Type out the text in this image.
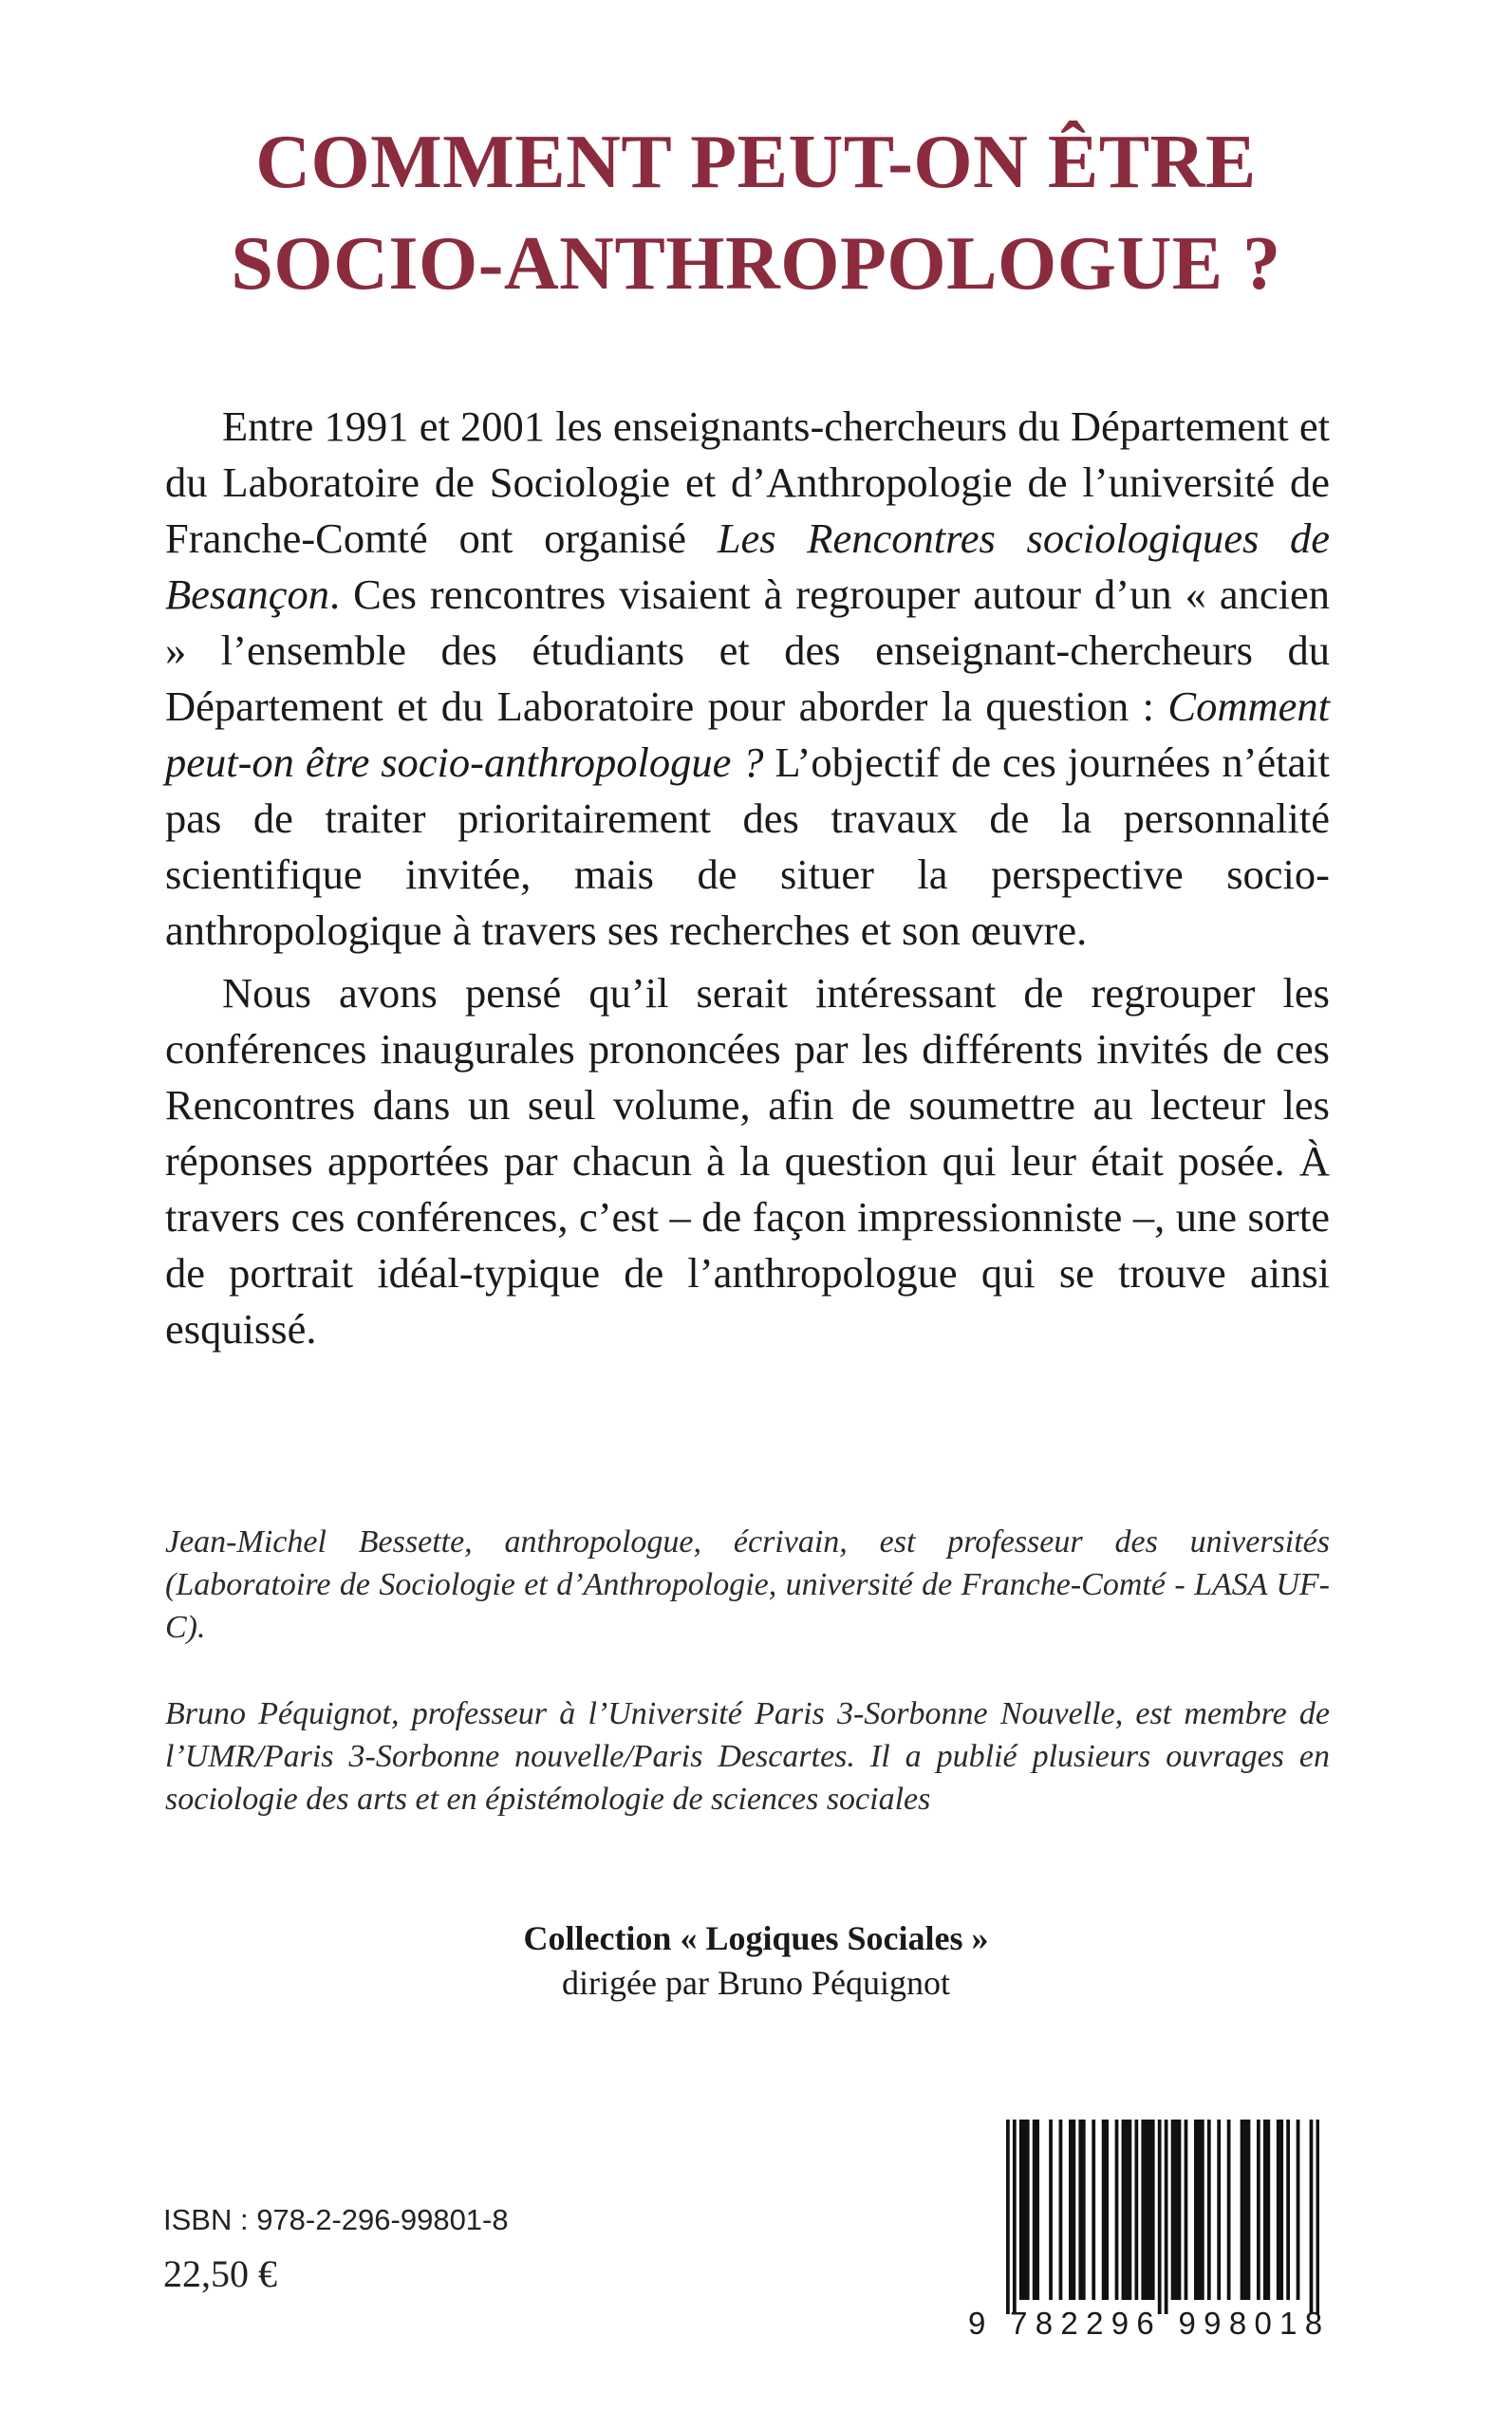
COMMENT PEUT-ON ÊTRE
SOCIO-ANTHROPOLOGUE ?

Entre 1991 et 2001 les enseignants-chercheurs du Département et du Laboratoire de Sociologie et d’Anthropologie de l’université de Franche-Comté ont organisé Les Rencontres sociologiques de Besançon. Ces rencontres visaient à regrouper autour d’un « ancien » l’ensemble des étudiants et des enseignant-chercheurs du Département et du Laboratoire pour aborder la question : Comment peut-on être socio-anthropologue ? L’objectif de ces journées n’était pas de traiter prioritairement des travaux de la personnalité scientifique invitée, mais de situer la perspective socio-anthropologique à travers ses recherches et son œuvre.

Nous avons pensé qu’il serait intéressant de regrouper les conférences inaugurales prononcées par les différents invités de ces Rencontres dans un seul volume, afin de soumettre au lecteur les réponses apportées par chacun à la question qui leur était posée. À travers ces conférences, c’est – de façon impressionniste –, une sorte de portrait idéal-typique de l’anthropologue qui se trouve ainsi esquissé.

Jean-Michel Bessette, anthropologue, écrivain, est professeur des universités (Laboratoire de Sociologie et d’Anthropologie, université de Franche-Comté - LASA UF-C).

Bruno Péquignot, professeur à l’Université Paris 3-Sorbonne Nouvelle, est membre de l’UMR/Paris 3-Sorbonne nouvelle/Paris Descartes. Il a publié plusieurs ouvrages en sociologie des arts et en épistémologie de sciences sociales

Collection « Logiques Sociales »
dirigée par Bruno Péquignot
9 782296 998018
ISBN : 978-2-296-99801-8
22,50 €
